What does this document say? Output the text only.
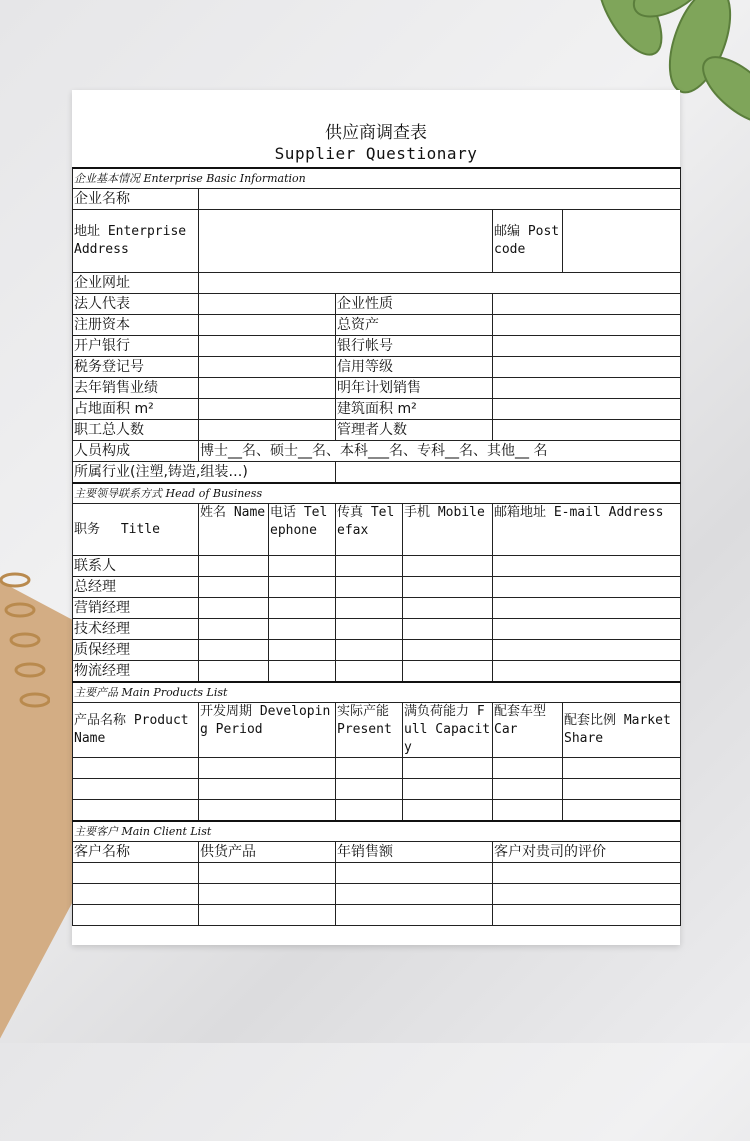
供应商调查表
Supplier Questionary
企业基本情况 Enterprise Basic Information						
企业名称						
地址 Enterprise Address					邮编 Postcode	
企业网址						
法人代表			企业性质			
注册资本			总资产			
开户银行			银行帐号			
税务登记号			信用等级			
去年销售业绩			明年计划销售			
占地面积 m²			建筑面积 m²			
职工总人数			管理者人数			
人员构成	博士__名、硕士__名、本科___名、专科__名、其他__ 名					
所属行业(注塑,铸造,组装…)						
主要领导联系方式 Head of Business						
职务　 Title	姓名 Name	电话 Telephone	传真 Telefax	手机 Mobile	邮箱地址 E-mail Address	
联系人						
总经理						
营销经理						
技术经理						
质保经理						
物流经理						
主要产品 Main Products List						
产品名称 Product Name	开发周期 Developing Period		实际产能 Present	满负荷能力 Full Capacity	配套车型 Car	配套比例 Market Share

主要客户 Main Client List						
客户名称	供货产品		年销售额		客户对贵司的评价	
